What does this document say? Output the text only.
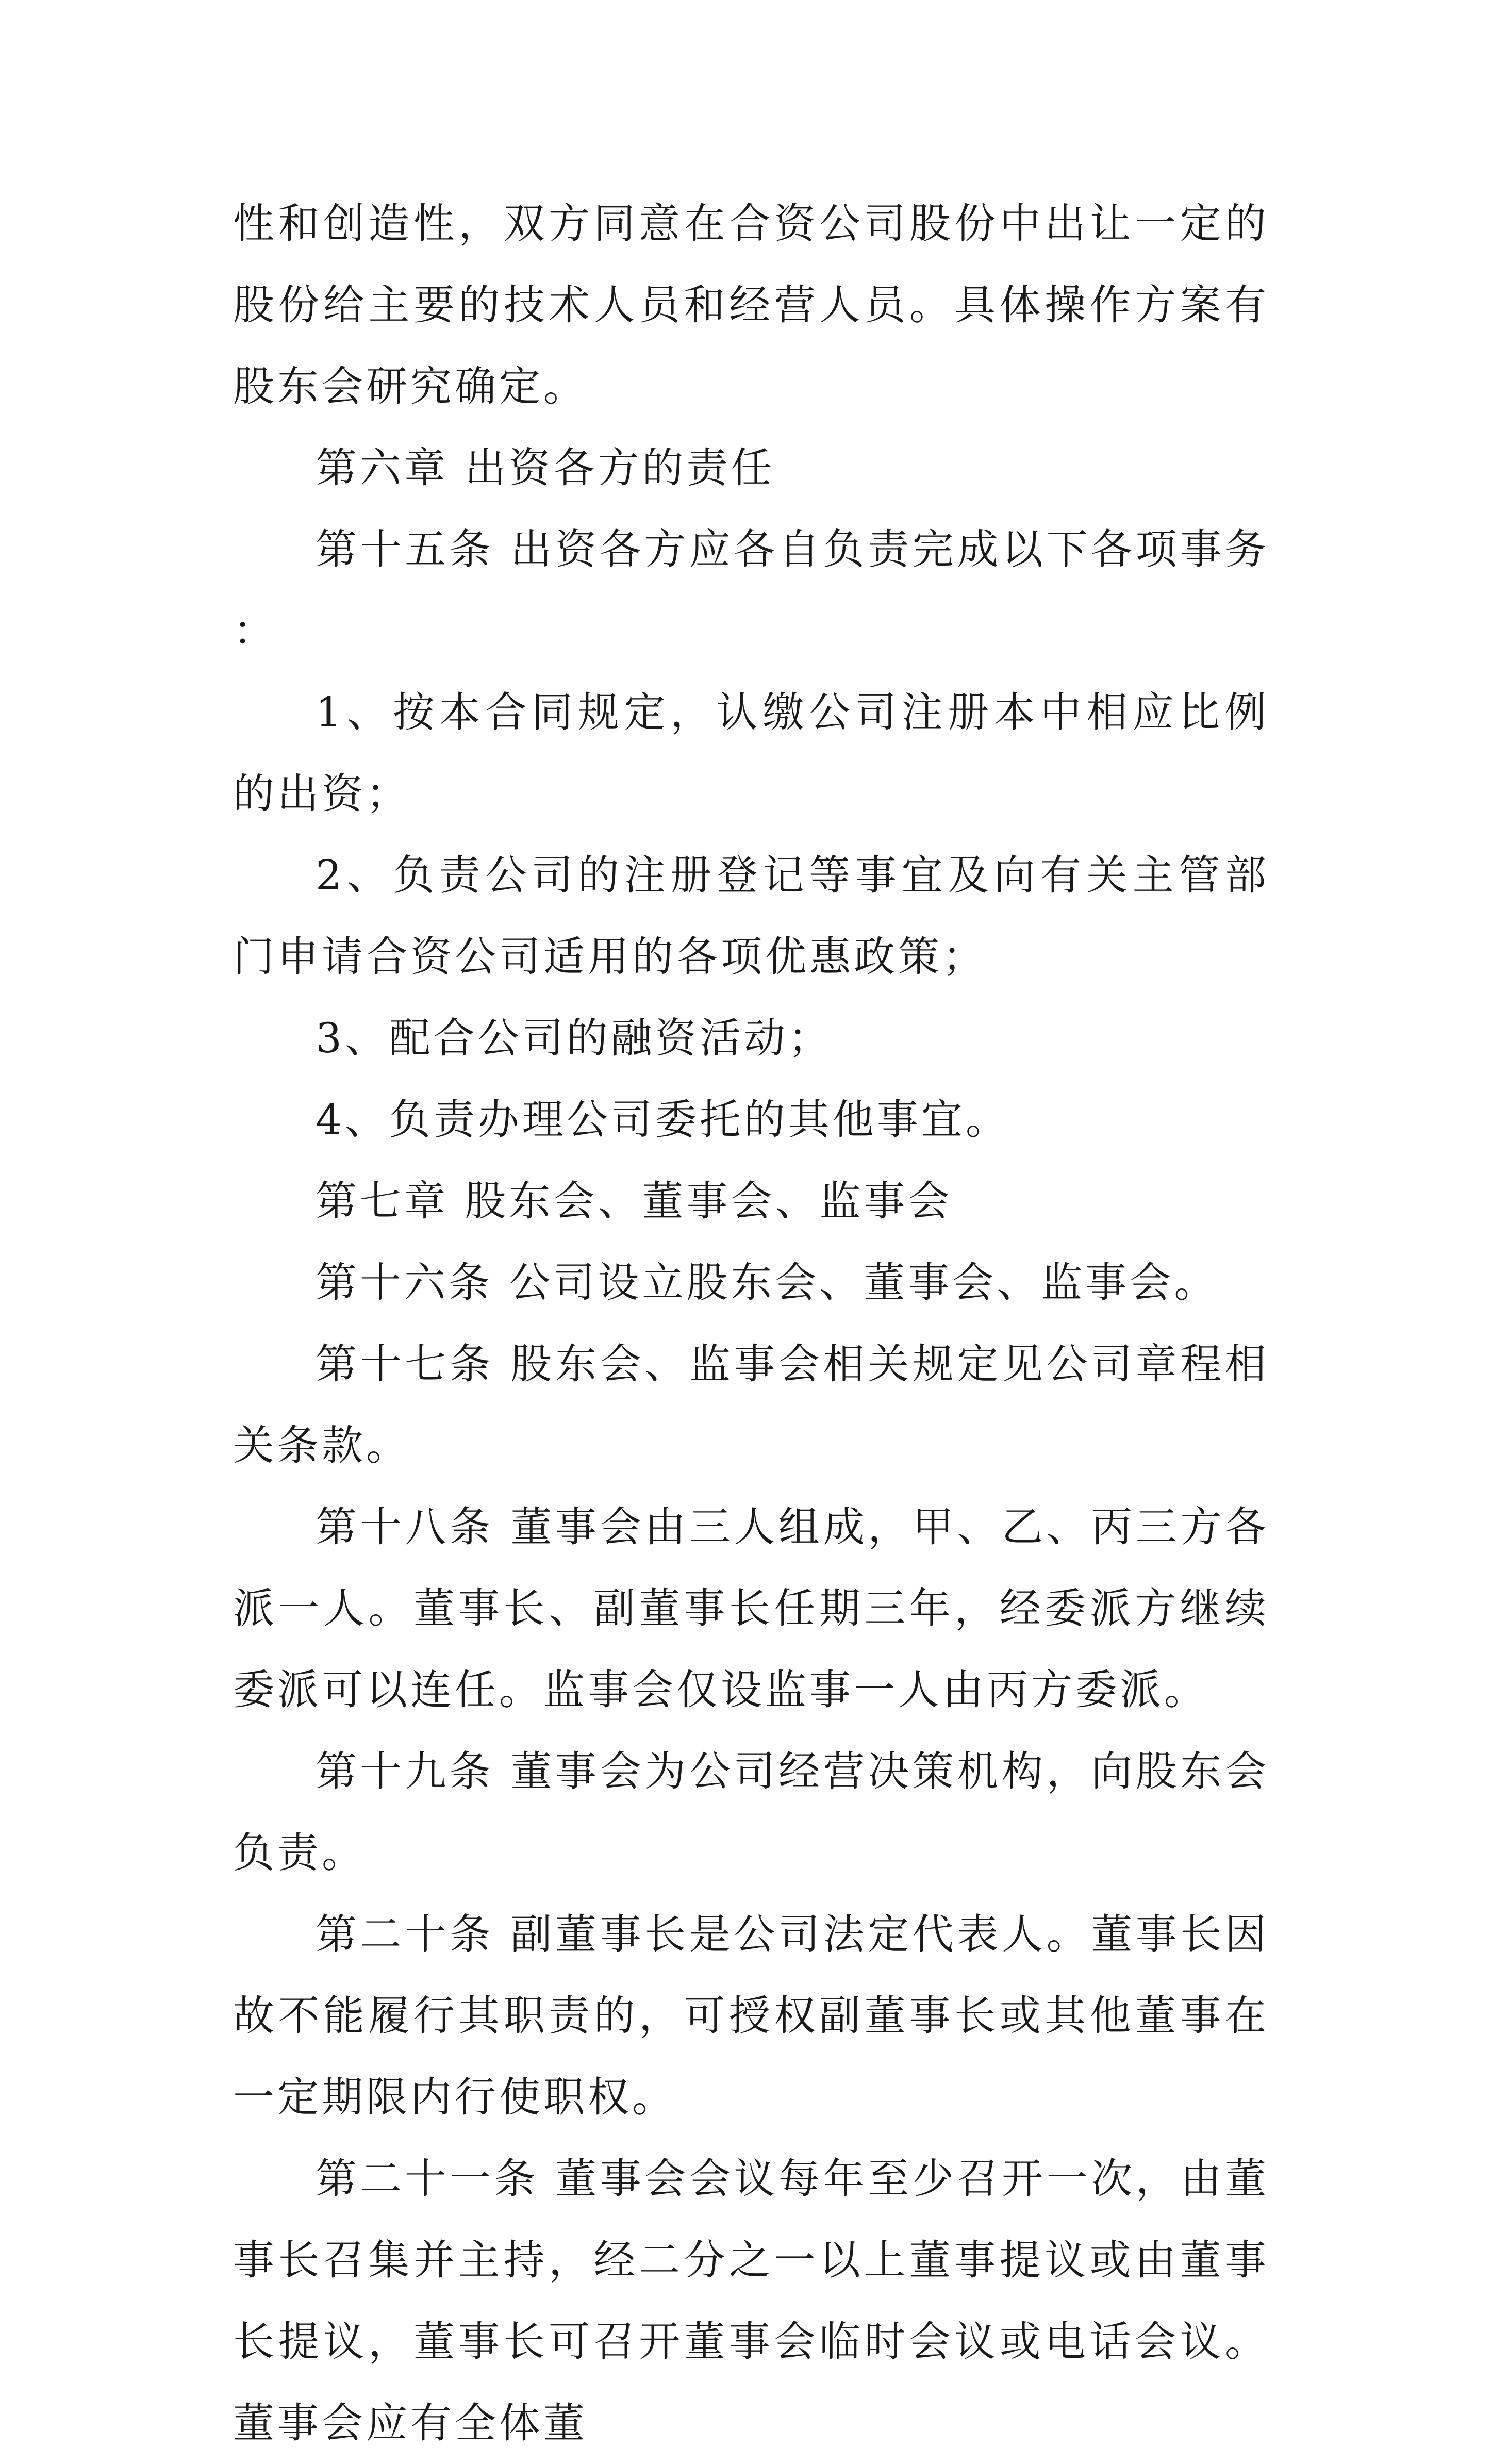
性和创造性，双方同意在合资公司股份中出让一定的股份给主要的技术人员和经营人员。具体操作方案有股东会研究确定。

第六章 出资各方的责任

第十五条 出资各方应各自负责完成以下各项事务：

1、按本合同规定，认缴公司注册本中相应比例的出资；

2、负责公司的注册登记等事宜及向有关主管部门申请合资公司适用的各项优惠政策；

3、配合公司的融资活动；

4、负责办理公司委托的其他事宜。

第七章 股东会、董事会、监事会

第十六条 公司设立股东会、董事会、监事会。

第十七条 股东会、监事会相关规定见公司章程相关条款。

第十八条 董事会由三人组成，甲、乙、丙三方各派一人。董事长、副董事长任期三年，经委派方继续委派可以连任。监事会仅设监事一人由丙方委派。

第十九条 董事会为公司经营决策机构，向股东会负责。

第二十条 副董事长是公司法定代表人。董事长因故不能履行其职责的，可授权副董事长或其他董事在一定期限内行使职权。

第二十一条 董事会会议每年至少召开一次，由董事长召集并主持，经二分之一以上董事提议或由董事长提议，董事长可召开董事会临时会议或电话会议。董事会应有全体董
